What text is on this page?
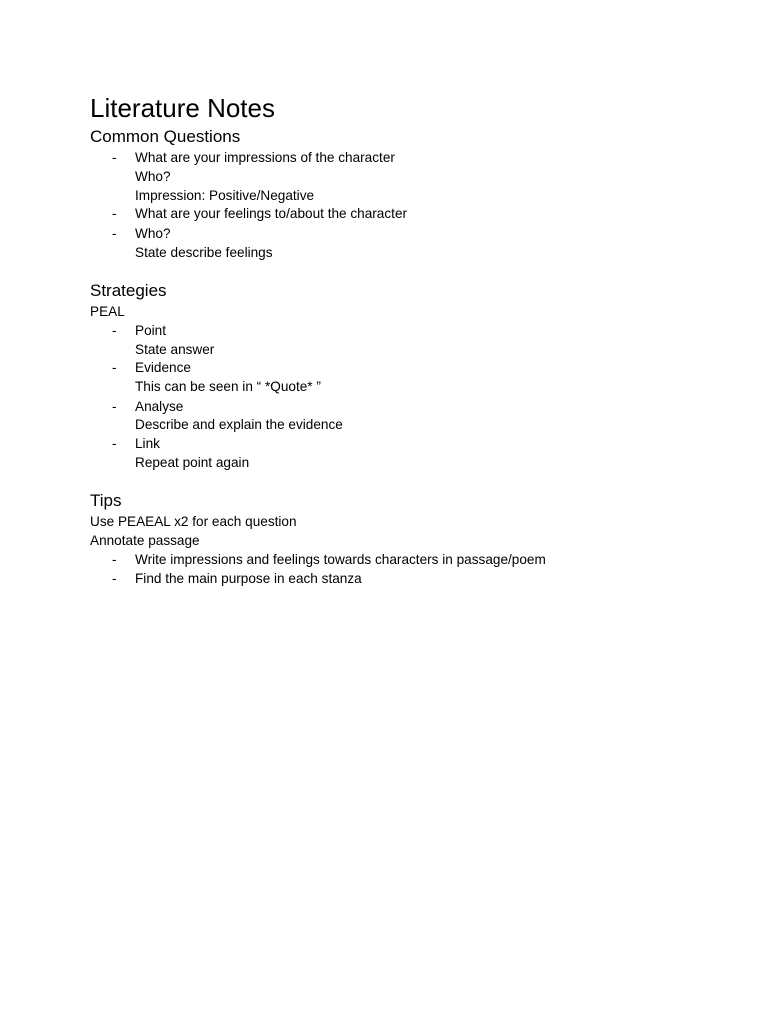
Literature Notes
Common Questions
- What are your impressions of the character
Who?
Impression: Positive/Negative
- What are your feelings to/about the character
- Who?
State describe feelings
Strategies
PEAL
- Point
State answer
- Evidence
This can be seen in “ *Quote* ”
- Analyse
Describe and explain the evidence
- Link
Repeat point again
Tips
Use PEAEAL x2 for each question
Annotate passage
- Write impressions and feelings towards characters in passage/poem
- Find the main purpose in each stanza
